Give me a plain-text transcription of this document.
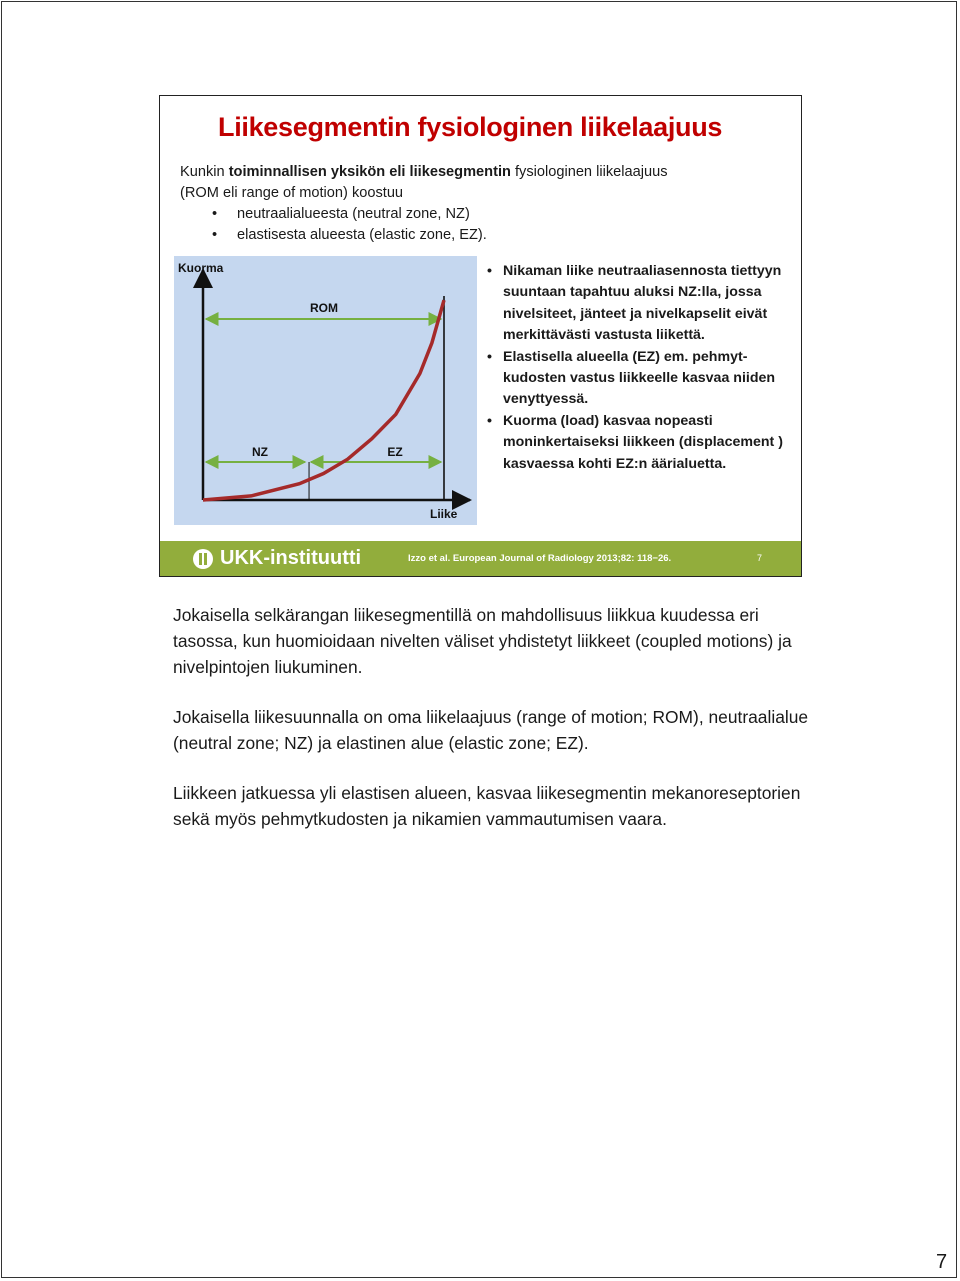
Liikesegmentin fysiologinen liikelaajuus

Kunkin toiminnallisen yksikön eli liikesegmentin fysiologinen liikelaajuus

(ROM eli range of motion) koostuu

• neutraalialueesta (neutral zone, NZ)
• elastisesta alueesta (elastic zone, EZ).
Kuorma
Liike
ROM
NZ	EZ
• Nikaman liike neutraaliasennosta tiettyyn suuntaan tapahtuu aluksi NZ:lla, jossa nivelsiteet, jänteet ja nivelkapselit eivät merkittävästi vastusta liikettä.
• Elastisella alueella (EZ) em. pehmyt-kudosten vastus liikkeelle kasvaa niiden venyttyessä.
• Kuorma (load) kasvaa nopeasti moninkertaiseksi liikkeen (displacement ) kasvaessa kohti EZ:n äärialuetta.
UKK-instituutti	Izzo et al. European Journal of Radiology 2013;82: 118−26.	7

Jokaisella selkärangan liikesegmentillä on mahdollisuus liikkua kuudessa eri tasossa, kun huomioidaan nivelten väliset yhdistetyt liikkeet (coupled motions) ja nivelpintojen liukuminen.

Jokaisella liikesuunnalla on oma liikelaajuus (range of motion; ROM), neutraalialue (neutral zone; NZ) ja elastinen alue (elastic zone; EZ).

Liikkeen jatkuessa yli elastisen alueen, kasvaa liikesegmentin mekanoreseptorien sekä myös pehmytkudosten ja nikamien vammautumisen vaara.

7
